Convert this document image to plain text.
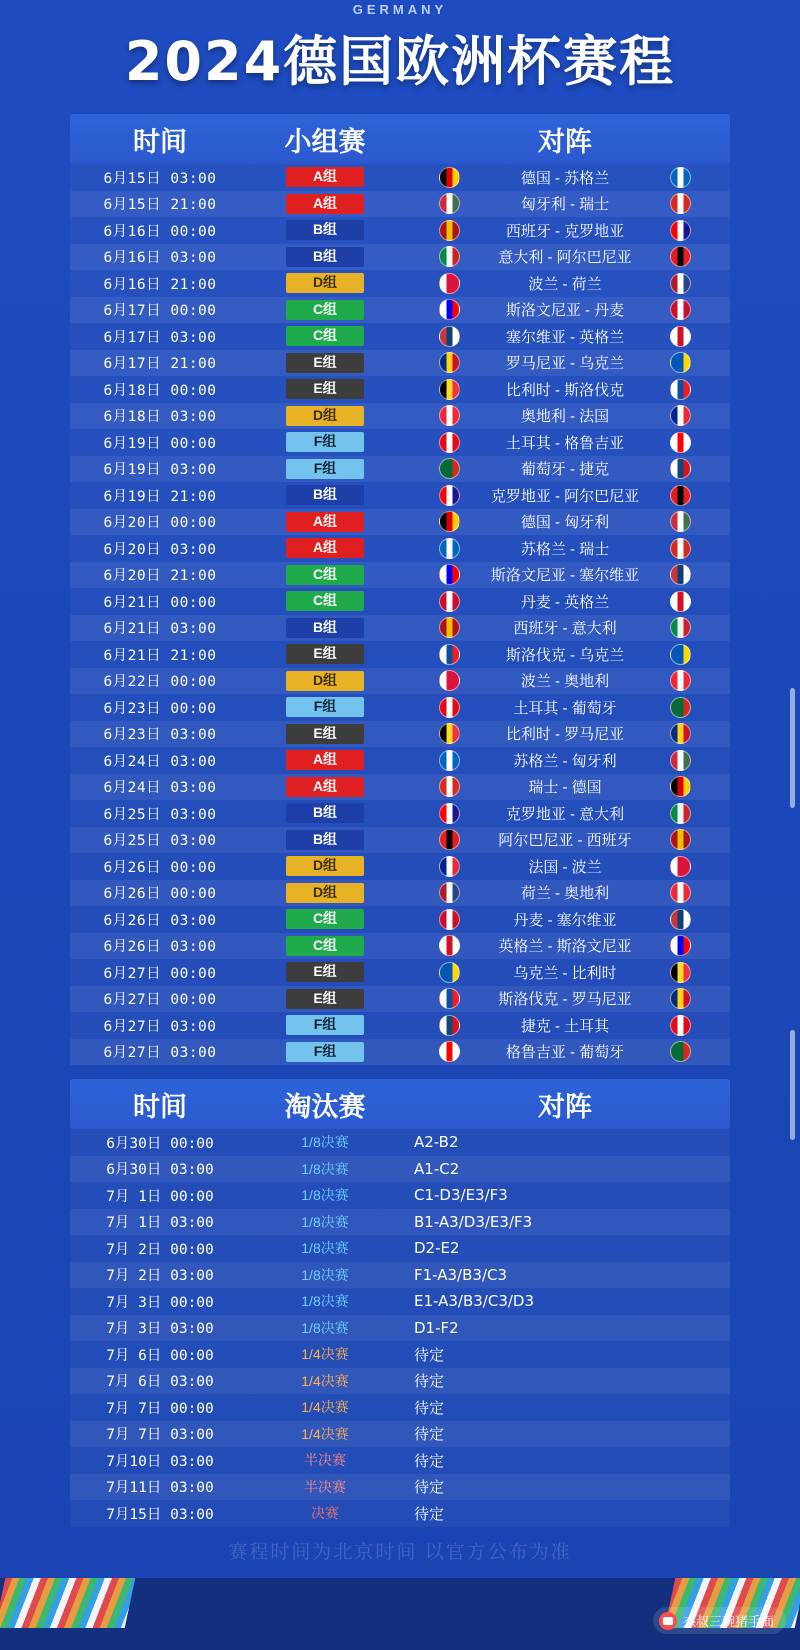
GERMANY
2024德国欧洲杯赛程
时间	小组赛	对阵
6月15日 03:00	A组	德国 - 苏格兰
6月15日 21:00	A组	匈牙利 - 瑞士
6月16日 00:00	B组	西班牙 - 克罗地亚
6月16日 03:00	B组	意大利 - 阿尔巴尼亚
6月16日 21:00	D组	波兰 - 荷兰
6月17日 00:00	C组	斯洛文尼亚 - 丹麦
6月17日 03:00	C组	塞尔维亚 - 英格兰
6月17日 21:00	E组	罗马尼亚 - 乌克兰
6月18日 00:00	E组	比利时 - 斯洛伐克
6月18日 03:00	D组	奥地利 - 法国
6月19日 00:00	F组	土耳其 - 格鲁吉亚
6月19日 03:00	F组	葡萄牙 - 捷克
6月19日 21:00	B组	克罗地亚 - 阿尔巴尼亚
6月20日 00:00	A组	德国 - 匈牙利
6月20日 03:00	A组	苏格兰 - 瑞士
6月20日 21:00	C组	斯洛文尼亚 - 塞尔维亚
6月21日 00:00	C组	丹麦 - 英格兰
6月21日 03:00	B组	西班牙 - 意大利
6月21日 21:00	E组	斯洛伐克 - 乌克兰
6月22日 00:00	D组	波兰 - 奥地利
6月23日 00:00	F组	土耳其 - 葡萄牙
6月23日 03:00	E组	比利时 - 罗马尼亚
6月24日 03:00	A组	苏格兰 - 匈牙利
6月24日 03:00	A组	瑞士 - 德国
6月25日 03:00	B组	克罗地亚 - 意大利
6月25日 03:00	B组	阿尔巴尼亚 - 西班牙
6月26日 00:00	D组	法国 - 波兰
6月26日 00:00	D组	荷兰 - 奥地利
6月26日 03:00	C组	丹麦 - 塞尔维亚
6月26日 03:00	C组	英格兰 - 斯洛文尼亚
6月27日 00:00	E组	乌克兰 - 比利时
6月27日 00:00	E组	斯洛伐克 - 罗马尼亚
6月27日 03:00	F组	捷克 - 土耳其
6月27日 03:00	F组	格鲁吉亚 - 葡萄牙
时间	淘汰赛	对阵
6月30日 00:00	1/8决赛	A2-B2
6月30日 03:00	1/8决赛	A1-C2
7月 1日 00:00	1/8决赛	C1-D3/E3/F3
7月 1日 03:00	1/8决赛	B1-A3/D3/E3/F3
7月 2日 00:00	1/8决赛	D2-E2
7月 2日 03:00	1/8决赛	F1-A3/B3/C3
7月 3日 00:00	1/8决赛	E1-A3/B3/C3/D3
7月 3日 03:00	1/8决赛	D1-F2
7月 6日 00:00	1/4决赛	待定
7月 6日 03:00	1/4决赛	待定
7月 7日 00:00	1/4决赛	待定
7月 7日 03:00	1/4决赛	待定
7月10日 03:00	半决赛	待定
7月11日 03:00	半决赛	待定
7月15日 03:00	决赛	待定
赛程时间为北京时间 以官方公布为准
杰叔三碗猪手面
